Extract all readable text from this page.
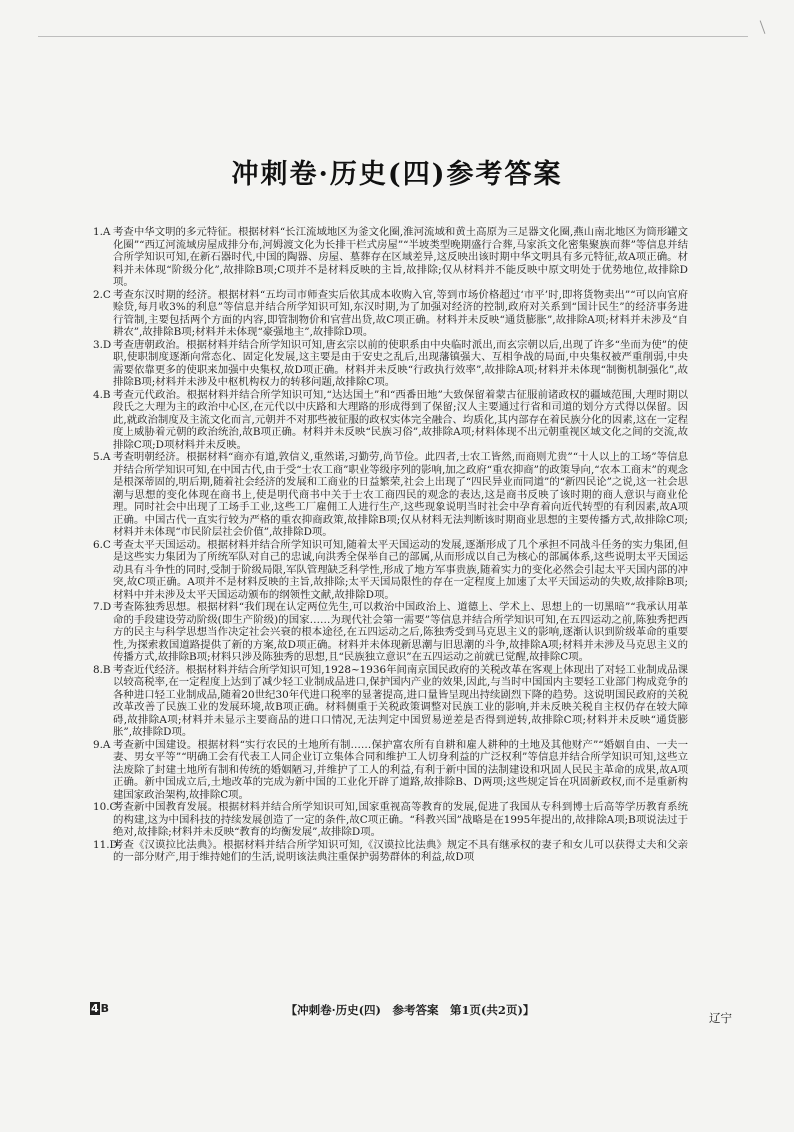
冲刺卷·历史(四)参考答案
1.A 考查中华文明的多元特征。根据材料“长江流域地区为釜文化圈,淮河流域和黄土高原为三足器文化圈,燕山南北地区为筒形罐文化圈”“西辽河流域房屋成排分布,河姆渡文化为长排干栏式房屋”“半坡类型晚期盛行合葬,马家浜文化密集聚族而葬”等信息并结合所学知识可知,在新石器时代,中国的陶器、房屋、墓葬存在区域差异,这反映出该时期中华文明具有多元特征,故A项正确。材料并未体现“阶级分化”,故排除B项;C项并不是材料反映的主旨,故排除;仅从材料并不能反映中原文明处于优势地位,故排除D项。
2.C 考查东汉时期的经济。根据材料“五均司市师查实后依其成本收购入官,等到市场价格超过‘市平’时,即将货物卖出”“可以向官府赊贷,每月收3%的利息”等信息并结合所学知识可知,东汉时期,为了加强对经济的控制,政府对关系到“国计民生”的经济事务进行管制,主要包括两个方面的内容,即管制物价和官营出贷,故C项正确。材料并未反映“通货膨胀”,故排除A项;材料并未涉及“自耕农”,故排除B项;材料并未体现“豪强地主”,故排除D项。
3.D 考查唐朝政治。根据材料并结合所学知识可知,唐玄宗以前的使职系由中央临时派出,而玄宗朝以后,出现了许多“坐而为使”的使职,使职制度逐渐向常态化、固定化发展,这主要是由于安史之乱后,出现藩镇强大、互相争战的局面,中央集权被严重削弱,中央需要依靠更多的使职来加强中央集权,故D项正确。材料并未反映“行政执行效率”,故排除A项;材料并未体现“制衡机制强化”,故排除B项;材料并未涉及中枢机构权力的转移问题,故排除C项。
4.B 考查元代政治。根据材料并结合所学知识可知,“达达国土”和“西番田地”大致保留着蒙古征服前诸政权的疆域范围,大理时期以段氏之大理为主的政治中心区,在元代以中庆路和大理路的形成得到了保留;汉人主要通过行省和司道的划分方式得以保留。因此,就政治制度及主流文化而言,元朝并不对那些被征服的政权实体完全融合、均质化,其内部存在着民族分化的因素,这在一定程度上威胁着元朝的政治统治,故B项正确。材料并未反映“民族习俗”,故排除A项;材料体现不出元朝重视区域文化之间的交流,故排除C项;D项材料并未反映。
5.A 考查明朝经济。根据材料“商亦有道,敦信义,重然诺,习勤劳,尚节俭。此四者,士农工皆然,而商则尤贵”“十人以上的工场”等信息并结合所学知识可知,在中国古代,由于受“士农工商”职业等级序列的影响,加之政府“重农抑商”的政策导向,“农本工商末”的观念是根深蒂固的,明后期,随着社会经济的发展和工商业的日益繁荣,社会上出现了“四民异业而同道”的“新四民论”之说,这一社会思潮与思想的变化体现在商书上,使是明代商书中关于士农工商四民的观念的表达,这是商书反映了该时期的商人意识与商业伦理。同时社会中出现了工场手工业,这些工厂雇佣工人进行生产,这些现象说明当时社会中孕育着向近代转型的有利因素,故A项正确。中国古代一直实行较为严格的重农抑商政策,故排除B项;仅从材料无法判断该时期商业思想的主要传播方式,故排除C项;材料并未体现“市民阶层社会价值”,故排除D项。
6.C 考查太平天国运动。根据材料并结合所学知识可知,随着太平天国运动的发展,逐渐形成了几个承担不同战斗任务的实力集团,但是这些实力集团为了所统军队对自己的忠诚,向洪秀全保举自己的部属,从而形成以自己为核心的部属体系,这些说明太平天国运动具有斗争性的同时,受制于阶级局限,军队管理缺乏科学性,形成了地方军事贵族,随着实力的变化必然会引起太平天国内部的冲突,故C项正确。A项并不是材料反映的主旨,故排除;太平天国局限性的存在一定程度上加速了太平天国运动的失败,故排除B项;材料中并未涉及太平天国运动颁布的纲领性文献,故排除D项。
7.D 考查陈独秀思想。根据材料“我们现在认定两位先生,可以救治中国政治上、道德上、学术上、思想上的一切黑暗”“我承认用革命的手段建设劳动阶级(即生产阶级)的国家……为现代社会第一需要”等信息并结合所学知识可知,在五四运动之前,陈独秀把西方的民主与科学思想当作决定社会兴衰的根本途径,在五四运动之后,陈独秀受到马克思主义的影响,逐渐认识到阶级革命的重要性,为探索救国道路提供了新的方案,故D项正确。材料并未体现新思潮与旧思潮的斗争,故排除A项;材料并未涉及马克思主义的传播方式,故排除B项;材料只涉及陈独秀的思想,且“民族独立意识”在五四运动之前就已觉醒,故排除C项。
8.B 考查近代经济。根据材料并结合所学知识可知,1928~1936年间南京国民政府的关税改革在客观上体现出了对轻工业制成品课以较高税率,在一定程度上达到了减少轻工业制成品进口,保护国内产业的效果,因此,与当时中国国内主要轻工业部门构成竞争的各种进口轻工业制成品,随着20世纪30年代进口税率的显著提高,进口量皆呈现出持续剧烈下降的趋势。这说明国民政府的关税改革改善了民族工业的发展环境,故B项正确。材料侧重于关税政策调整对民族工业的影响,并未反映关税自主权仍存在较大障碍,故排除A项;材料并未显示主要商品的进口口情况,无法判定中国贸易逆差是否得到逆转,故排除C项;材料并未反映“通货膨胀”,故排除D项。
9.A 考查新中国建设。根据材料“实行农民的土地所有制……保护富农所有自耕和雇人耕种的土地及其他财产”“婚姻自由、一夫一妻、男女平等”“明确工会有代表工人同企业订立集体合同和维护工人切身利益的广泛权利”等信息并结合所学知识可知,这些立法废除了封建土地所有制和传统的婚姻陋习,并维护了工人的利益,有利于新中国的法制建设和巩固人民民主革命的成果,故A项正确。新中国成立后,土地改革的完成为新中国的工业化开辟了道路,故排除B、D两项;这些规定旨在巩固新政权,而不是重新构建国家政治架构,故排除C项。
10.C
考查新中国教育发展。根据材料并结合所学知识可知,国家重视高等教育的发展,促进了我国从专科到博士后高等学历教育系统的构建,这为中国科技的持续发展创造了一定的条件,故C项正确。“科教兴国”战略是在1995年提出的,故排除A项;B项说法过于绝对,故排除;材料并未反映“教育的均衡发展”,故排除D项。
11.D
考查《汉谟拉比法典》。根据材料并结合所学知识可知,《汉谟拉比法典》规定不具有继承权的妻子和女儿可以获得丈夫和父亲的一部分财产,用于维持她们的生活,说明该法典注重保护弱势群体的利益,故D项
4 B	【冲刺卷·历史(四)　参考答案　第1页(共2页)】
辽宁
